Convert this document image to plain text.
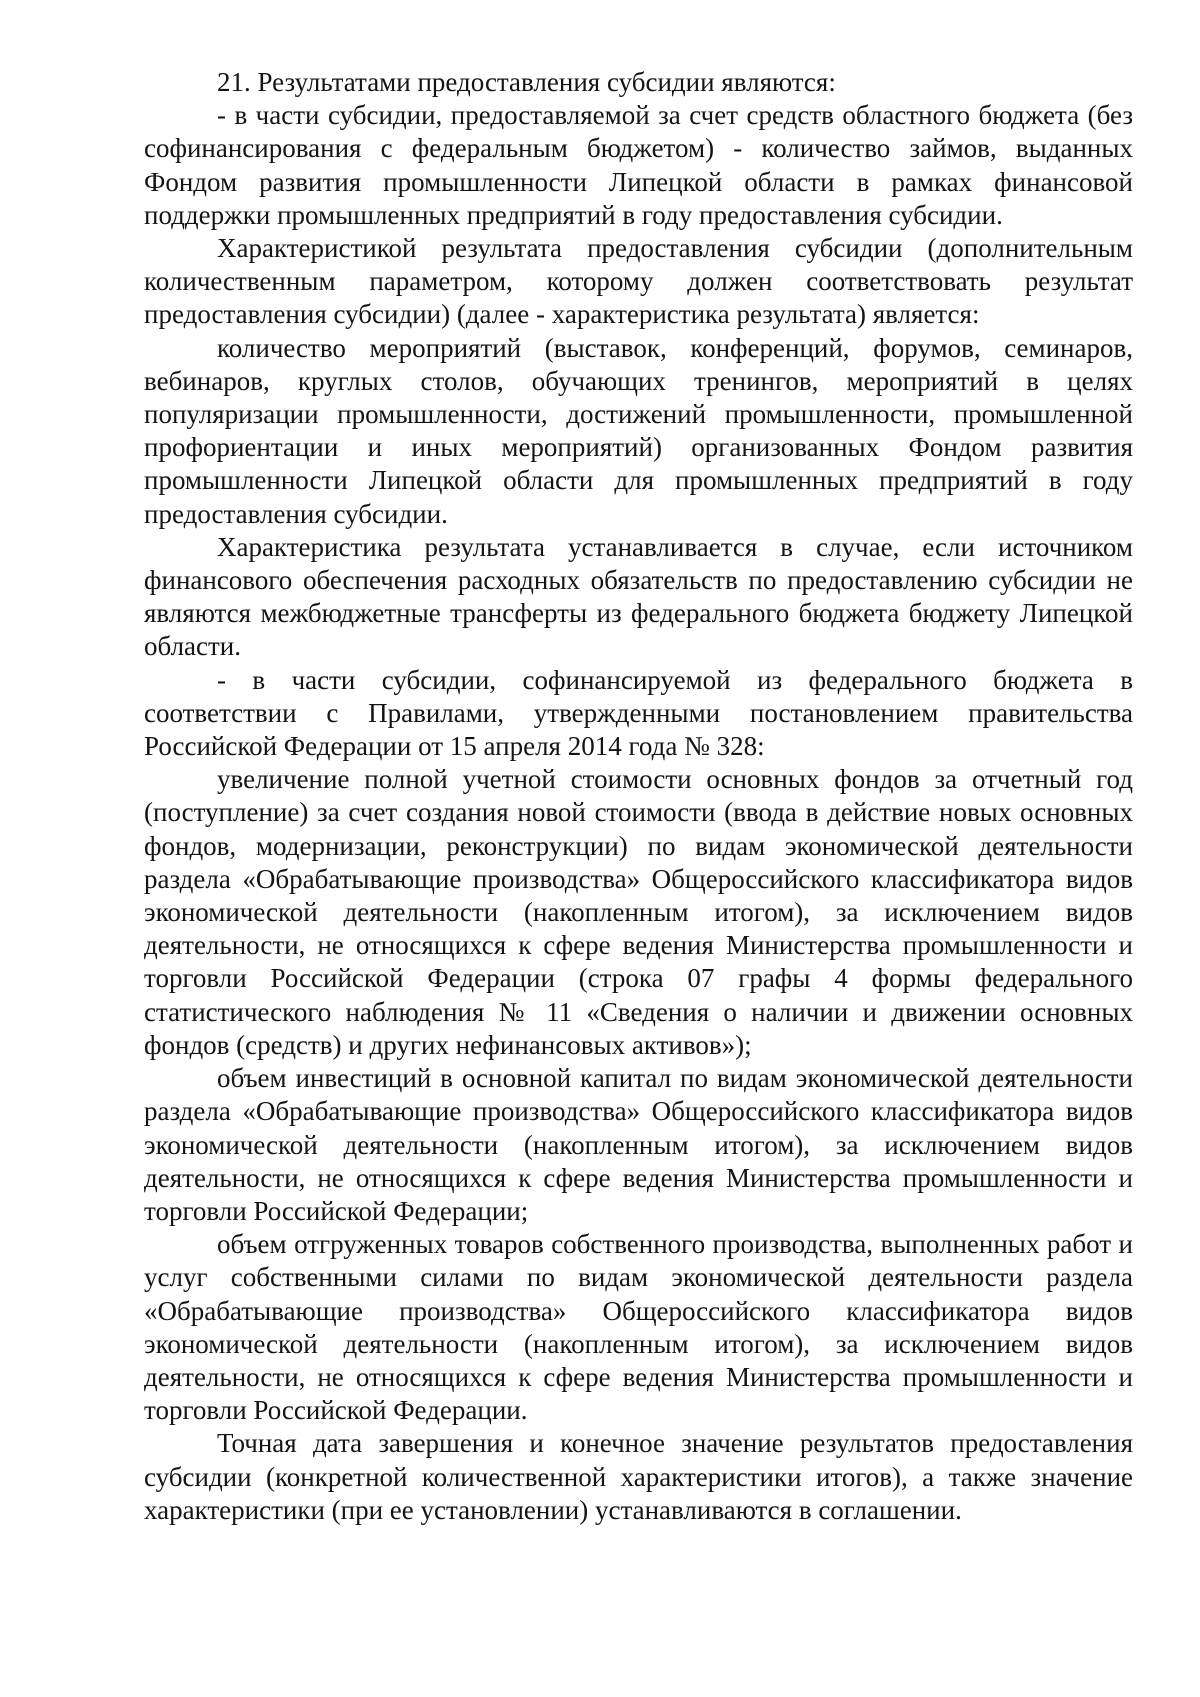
21. Результатами предоставления субсидии являются:

- в части субсидии, предоставляемой за счет средств областного бюджета (без софинансирования с федеральным бюджетом) - количество займов, выданных Фондом развития промышленности Липецкой области в рамках финансовой поддержки промышленных предприятий в году предоставления субсидии.

Характеристикой результата предоставления субсидии (дополнительным количественным параметром, которому должен соответствовать результат предоставления субсидии) (далее - характеристика результата) является:

количество мероприятий (выставок, конференций, форумов, семинаров, вебинаров, круглых столов, обучающих тренингов, мероприятий в целях популяризации промышленности, достижений промышленности, промышленной профориентации и иных мероприятий) организованных Фондом развития промышленности Липецкой области для промышленных предприятий в году предоставления субсидии.

Характеристика результата устанавливается в случае, если источником финансового обеспечения расходных обязательств по предоставлению субсидии не являются межбюджетные трансферты из федерального бюджета бюджету Липецкой области.

- в части субсидии, софинансируемой из федерального бюджета в соответствии с Правилами, утвержденными постановлением правительства Российской Федерации от 15 апреля 2014 года № 328:

увеличение полной учетной стоимости основных фондов за отчетный год (поступление) за счет создания новой стоимости (ввода в действие новых основных фондов, модернизации, реконструкции) по видам экономической деятельности раздела «Обрабатывающие производства» Общероссийского классификатора видов экономической деятельности (накопленным итогом), за исключением видов деятельности, не относящихся к сфере ведения Министерства промышленности и торговли Российской Федерации (строка 07 графы 4 формы федерального статистического наблюдения № 11 «Сведения о наличии и движении основных фондов (средств) и других нефинансовых активов»);

объем инвестиций в основной капитал по видам экономической деятельности раздела «Обрабатывающие производства» Общероссийского классификатора видов экономической деятельности (накопленным итогом), за исключением видов деятельности, не относящихся к сфере ведения Министерства промышленности и торговли Российской Федерации;

объем отгруженных товаров собственного производства, выполненных работ и услуг собственными силами по видам экономической деятельности раздела «Обрабатывающие производства» Общероссийского классификатора видов экономической деятельности (накопленным итогом), за исключением видов деятельности, не относящихся к сфере ведения Министерства промышленности и торговли Российской Федерации.

Точная дата завершения и конечное значение результатов предоставления субсидии (конкретной количественной характеристики итогов), а также значение характеристики (при ее установлении) устанавливаются в соглашении.
